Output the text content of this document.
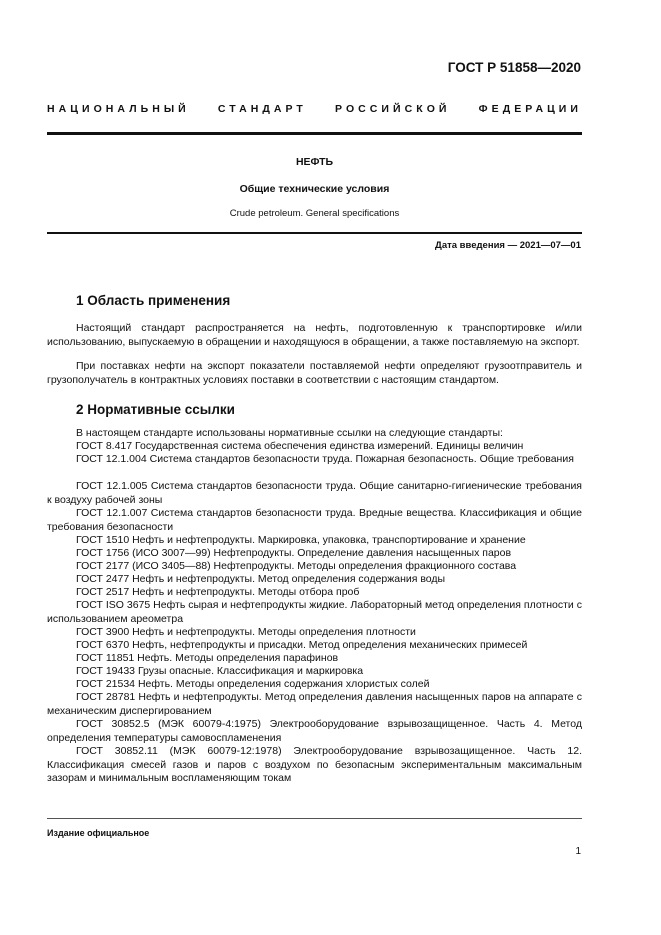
ГОСТ Р 51858—2020
НАЦИОНАЛЬНЫЙ СТАНДАРТ РОССИЙСКОЙ ФЕДЕРАЦИИ
НЕФТЬ
Общие технические условия
Crude petroleum. General specifications
Дата введения — 2021—07—01
1 Область применения
Настоящий стандарт распространяется на нефть, подготовленную к транспортировке и/или использованию, выпускаемую в обращении и находящуюся в обращении, а также поставляемую на экспорт.
При поставках нефти на экспорт показатели поставляемой нефти определяют грузоотправитель и грузополучатель в контрактных условиях поставки в соответствии с настоящим стандартом.
2 Нормативные ссылки
В настоящем стандарте использованы нормативные ссылки на следующие стандарты:
ГОСТ 8.417 Государственная система обеспечения единства измерений. Единицы величин
ГОСТ 12.1.004 Система стандартов безопасности труда. Пожарная безопасность. Общие требования
ГОСТ 12.1.005 Система стандартов безопасности труда. Общие санитарно-гигиенические требования к воздуху рабочей зоны
ГОСТ 12.1.007 Система стандартов безопасности труда. Вредные вещества. Классификация и общие требования безопасности
ГОСТ 1510 Нефть и нефтепродукты. Маркировка, упаковка, транспортирование и хранение
ГОСТ 1756 (ИСО 3007—99) Нефтепродукты. Определение давления насыщенных паров
ГОСТ 2177 (ИСО 3405—88) Нефтепродукты. Методы определения фракционного состава
ГОСТ 2477 Нефть и нефтепродукты. Метод определения содержания воды
ГОСТ 2517 Нефть и нефтепродукты. Методы отбора проб
ГОСТ ISO 3675 Нефть сырая и нефтепродукты жидкие. Лабораторный метод определения плотности с использованием ареометра
ГОСТ 3900 Нефть и нефтепродукты. Методы определения плотности
ГОСТ 6370 Нефть, нефтепродукты и присадки. Метод определения механических примесей
ГОСТ 11851 Нефть. Методы определения парафинов
ГОСТ 19433 Грузы опасные. Классификация и маркировка
ГОСТ 21534 Нефть. Методы определения содержания хлористых солей
ГОСТ 28781 Нефть и нефтепродукты. Метод определения давления насыщенных паров на аппарате с механическим диспергированием
ГОСТ 30852.5 (МЭК 60079-4:1975) Электрооборудование взрывозащищенное. Часть 4. Метод определения температуры самовоспламенения
ГОСТ 30852.11 (МЭК 60079-12:1978) Электрооборудование взрывозащищенное. Часть 12. Классификация смесей газов и паров с воздухом по безопасным экспериментальным максимальным зазорам и минимальным воспламеняющим токам
Издание официальное
1
